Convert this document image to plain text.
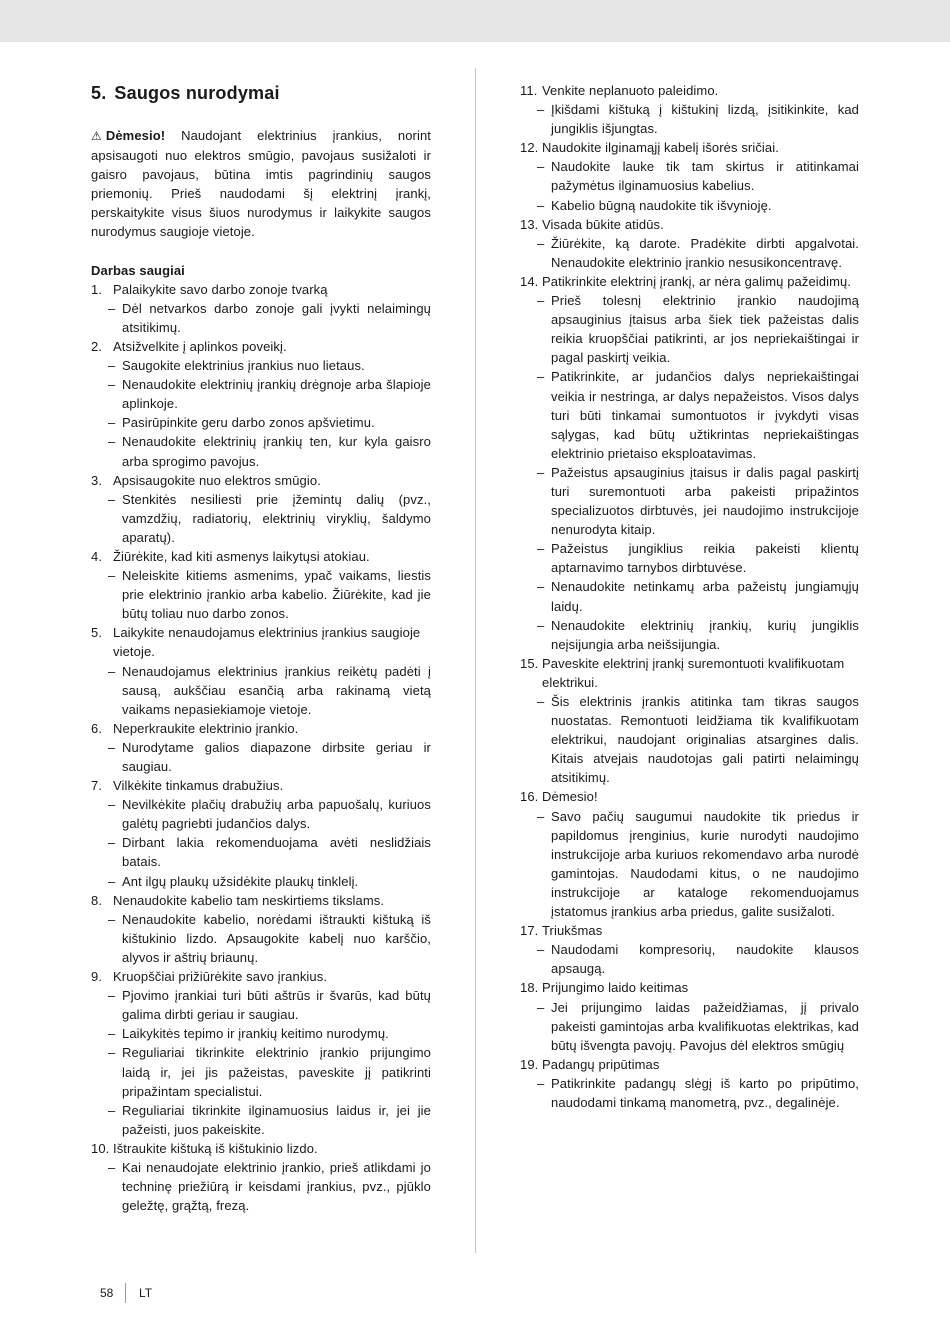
5. Saugos nurodymai

⚠ Dėmesio! Naudojant elektrinius įrankius, norint apsisaugoti nuo elektros smūgio, pavojaus susižaloti ir gaisro pavojaus, būtina imtis pagrindinių saugos priemonių. Prieš naudodami šį elektrinį įrankį, perskaitykite visus šiuos nurodymus ir laikykite saugos nurodymus saugioje vietoje.

Darbas saugiai

1. Palaikykite savo darbo zonoje tvarką

– Dėl netvarkos darbo zonoje gali įvykti nelaimingų atsitikimų.

2. Atsižvelkite į aplinkos poveikį.

– Saugokite elektrinius įrankius nuo lietaus.

– Nenaudokite elektrinių įrankių drėgnoje arba šlapioje aplinkoje.

– Pasirūpinkite geru darbo zonos apšvietimu.

– Nenaudokite elektrinių įrankių ten, kur kyla gaisro arba sprogimo pavojus.

3. Apsisaugokite nuo elektros smūgio.

– Stenkitės nesiliesti prie įžemintų dalių (pvz., vamzdžių, radiatorių, elektrinių viryklių, šaldymo aparatų).

4. Žiūrėkite, kad kiti asmenys laikytųsi atokiau.

– Neleiskite kitiems asmenims, ypač vaikams, liestis prie elektrinio įrankio arba kabelio. Žiūrėkite, kad jie būtų toliau nuo darbo zonos.

5. Laikykite nenaudojamus elektrinius įrankius saugioje vietoje.

– Nenaudojamus elektrinius įrankius reikėtų padėti į sausą, aukščiau esančią arba rakinamą vietą vaikams nepasiekiamoje vietoje.

6. Neperkraukite elektrinio įrankio.

– Nurodytame galios diapazone dirbsite geriau ir saugiau.

7. Vilkėkite tinkamus drabužius.

– Nevilkėkite plačių drabužių arba papuošalų, kuriuos galėtų pagriebti judančios dalys.

– Dirbant lakia rekomenduojama avėti neslidžiais batais.

– Ant ilgų plaukų užsidėkite plaukų tinklelį.

8. Nenaudokite kabelio tam neskirtiems tikslams.

– Nenaudokite kabelio, norėdami ištraukti kištuką iš kištukinio lizdo. Apsaugokite kabelį nuo karščio, alyvos ir aštrių briaunų.

9. Kruopščiai prižiūrėkite savo įrankius.

– Pjovimo įrankiai turi būti aštrūs ir švarūs, kad būtų galima dirbti geriau ir saugiau.

– Laikykitės tepimo ir įrankių keitimo nurodymų.

– Reguliariai tikrinkite elektrinio įrankio prijungimo laidą ir, jei jis pažeistas, paveskite jį patikrinti pripažintam specialistui.

– Reguliariai tikrinkite ilginamuosius laidus ir, jei jie pažeisti, juos pakeiskite.

10. Ištraukite kištuką iš kištukinio lizdo.

– Kai nenaudojate elektrinio įrankio, prieš atlikdami jo techninę priežiūrą ir keisdami įrankius, pvz., pjūklo geležtę, grąžtą, frezą.

11. Venkite neplanuoto paleidimo.

– Įkišdami kištuką į kištukinį lizdą, įsitikinkite, kad jungiklis išjungtas.

12. Naudokite ilginamąjį kabelį išorės sričiai.

– Naudokite lauke tik tam skirtus ir atitinkamai pažymėtus ilginamuosius kabelius.

– Kabelio būgną naudokite tik išvynioję.

13. Visada būkite atidūs.

– Žiūrėkite, ką darote. Pradėkite dirbti apgalvotai. Nenaudokite elektrinio įrankio nesusikoncentravę.

14. Patikrinkite elektrinį įrankį, ar nėra galimų pažeidimų.

– Prieš tolesnį elektrinio įrankio naudojimą apsauginius įtaisus arba šiek tiek pažeistas dalis reikia kruopščiai patikrinti, ar jos nepriekaištingai ir pagal paskirtį veikia.

– Patikrinkite, ar judančios dalys nepriekaištingai veikia ir nestringa, ar dalys nepažeistos. Visos dalys turi būti tinkamai sumontuotos ir įvykdyti visas sąlygas, kad būtų užtikrintas nepriekaištingas elektrinio prietaiso eksploatavimas.

– Pažeistus apsauginius įtaisus ir dalis pagal paskirtį turi suremontuoti arba pakeisti pripažintos specializuotos dirbtuvės, jei naudojimo instrukcijoje nenurodyta kitaip.

– Pažeistus jungiklius reikia pakeisti klientų aptarnavimo tarnybos dirbtuvėse.

– Nenaudokite netinkamų arba pažeistų jungiamųjų laidų.

– Nenaudokite elektrinių įrankių, kurių jungiklis neįsijungia arba neišsijungia.

15. Paveskite elektrinį įrankį suremontuoti kvalifikuotam elektrikui.

– Šis elektrinis įrankis atitinka tam tikras saugos nuostatas. Remontuoti leidžiama tik kvalifikuotam elektrikui, naudojant originalias atsargines dalis. Kitais atvejais naudotojas gali patirti nelaimingų atsitikimų.

16. Dėmesio!

– Savo pačių saugumui naudokite tik priedus ir papildomus įrenginius, kurie nurodyti naudojimo instrukcijoje arba kuriuos rekomendavo arba nurodė gamintojas. Naudodami kitus, o ne naudojimo instrukcijoje ar kataloge rekomenduojamus įstatomus įrankius arba priedus, galite susižaloti.

17. Triukšmas

– Naudodami kompresorių, naudokite klausos apsaugą.

18. Prijungimo laido keitimas

– Jei prijungimo laidas pažeidžiamas, jį privalo pakeisti gamintojas arba kvalifikuotas elektrikas, kad būtų išvengta pavojų. Pavojus dėl elektros smūgių

19. Padangų pripūtimas

– Patikrinkite padangų slėgį iš karto po pripūtimo, naudodami tinkamą manometrą, pvz., degalinėje.

58	LT
